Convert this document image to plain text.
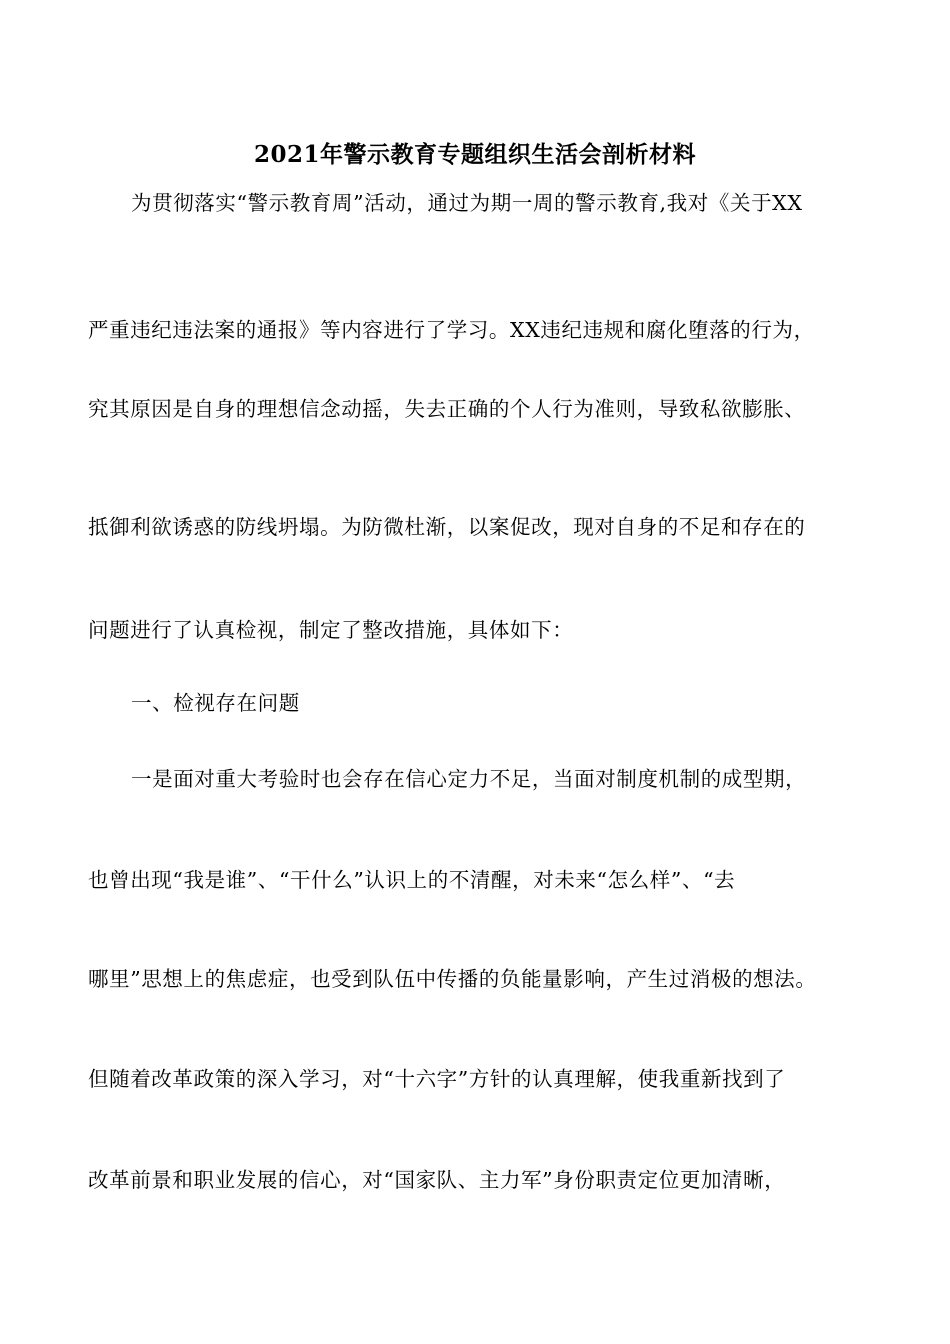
2021年警示教育专题组织生活会剖析材料
为贯彻落实“警示教育周”活动，通过为期一周的警示教育,我对《关于XX
严重违纪违法案的通报》等内容进行了学习。XX违纪违规和腐化堕落的行为，
究其原因是自身的理想信念动摇，失去正确的个人行为准则，导致私欲膨胀、
抵御利欲诱惑的防线坍塌。为防微杜渐，以案促改，现对自身的不足和存在的
问题进行了认真检视，制定了整改措施，具体如下：
一、检视存在问题
一是面对重大考验时也会存在信心定力不足，当面对制度机制的成型期，
也曾出现“我是谁”、“干什么”认识上的不清醒，对未来“怎么样”、“去
哪里”思想上的焦虑症，也受到队伍中传播的负能量影响，产生过消极的想法。
但随着改革政策的深入学习，对“十六字”方针的认真理解，使我重新找到了
改革前景和职业发展的信心，对“国家队、主力军”身份职责定位更加清晰，
